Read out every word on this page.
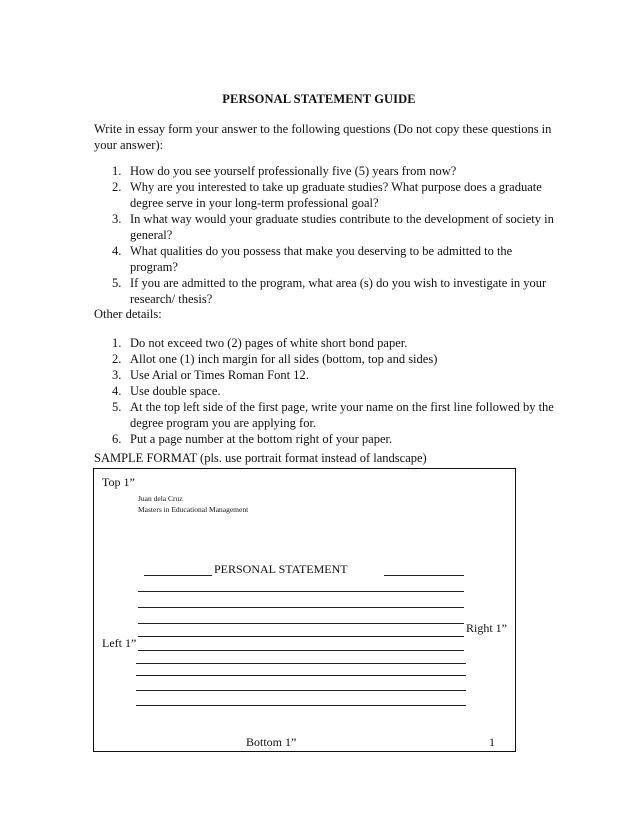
PERSONAL STATEMENT GUIDE
Write in essay form your answer to the following questions (Do not copy these questions in your answer):
1. How do you see yourself professionally five (5) years from now?
2. Why are you interested to take up graduate studies? What purpose does a graduate degree serve in your long-term professional goal?
3. In what way would your graduate studies contribute to the development of society in general?
4. What qualities do you possess that make you deserving to be admitted to the program?
5. If you are admitted to the program, what area (s) do you wish to investigate in your research/ thesis?
Other details:
1. Do not exceed two (2) pages of white short bond paper.
2. Allot one (1) inch margin for all sides (bottom, top and sides)
3. Use Arial or Times Roman Font 12.
4. Use double space.
5. At the top left side of the first page, write your name on the first line followed by the degree program you are applying for.
6. Put a page number at the bottom right of your paper.
SAMPLE FORMAT (pls. use portrait format instead of landscape)
Top 1”
Juan dela Cruz
Masters in Educational Management
PERSONAL STATEMENT
Right 1”
Left 1”
Bottom 1”	1
